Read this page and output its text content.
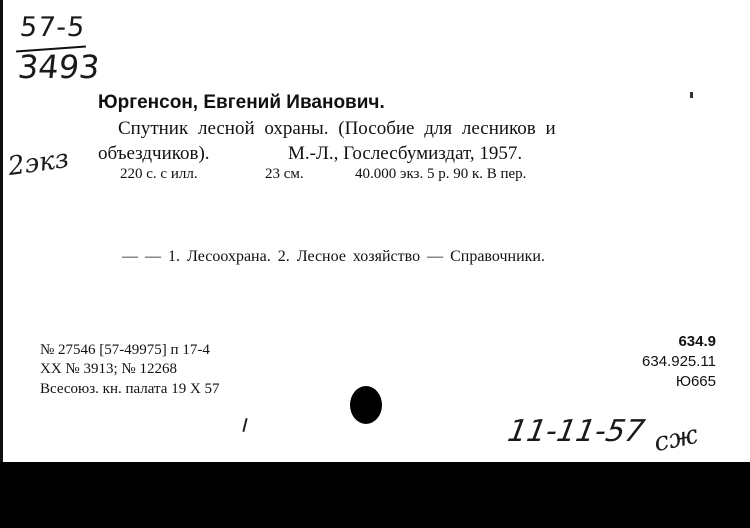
57-5
3493
2экз
Юргенсон, Евгений Иванович.
Спутник лесной охраны. (Пособие для лесников и
объездчиков).	М.-Л., Гослесбумиздат, 1957.
220 с. с илл.	23 см.	40.000 экз. 5 р. 90 к. В пер.
— — 1. Лесоохрана. 2. Лесное хозяйство — Справочники.
№ 27546 [57-49975] п 17-4
XX № 3913; № 12268
Всесоюз. кн. палата 19 X 57
634.9
634.925.11
Ю665
11-11-57 сж
